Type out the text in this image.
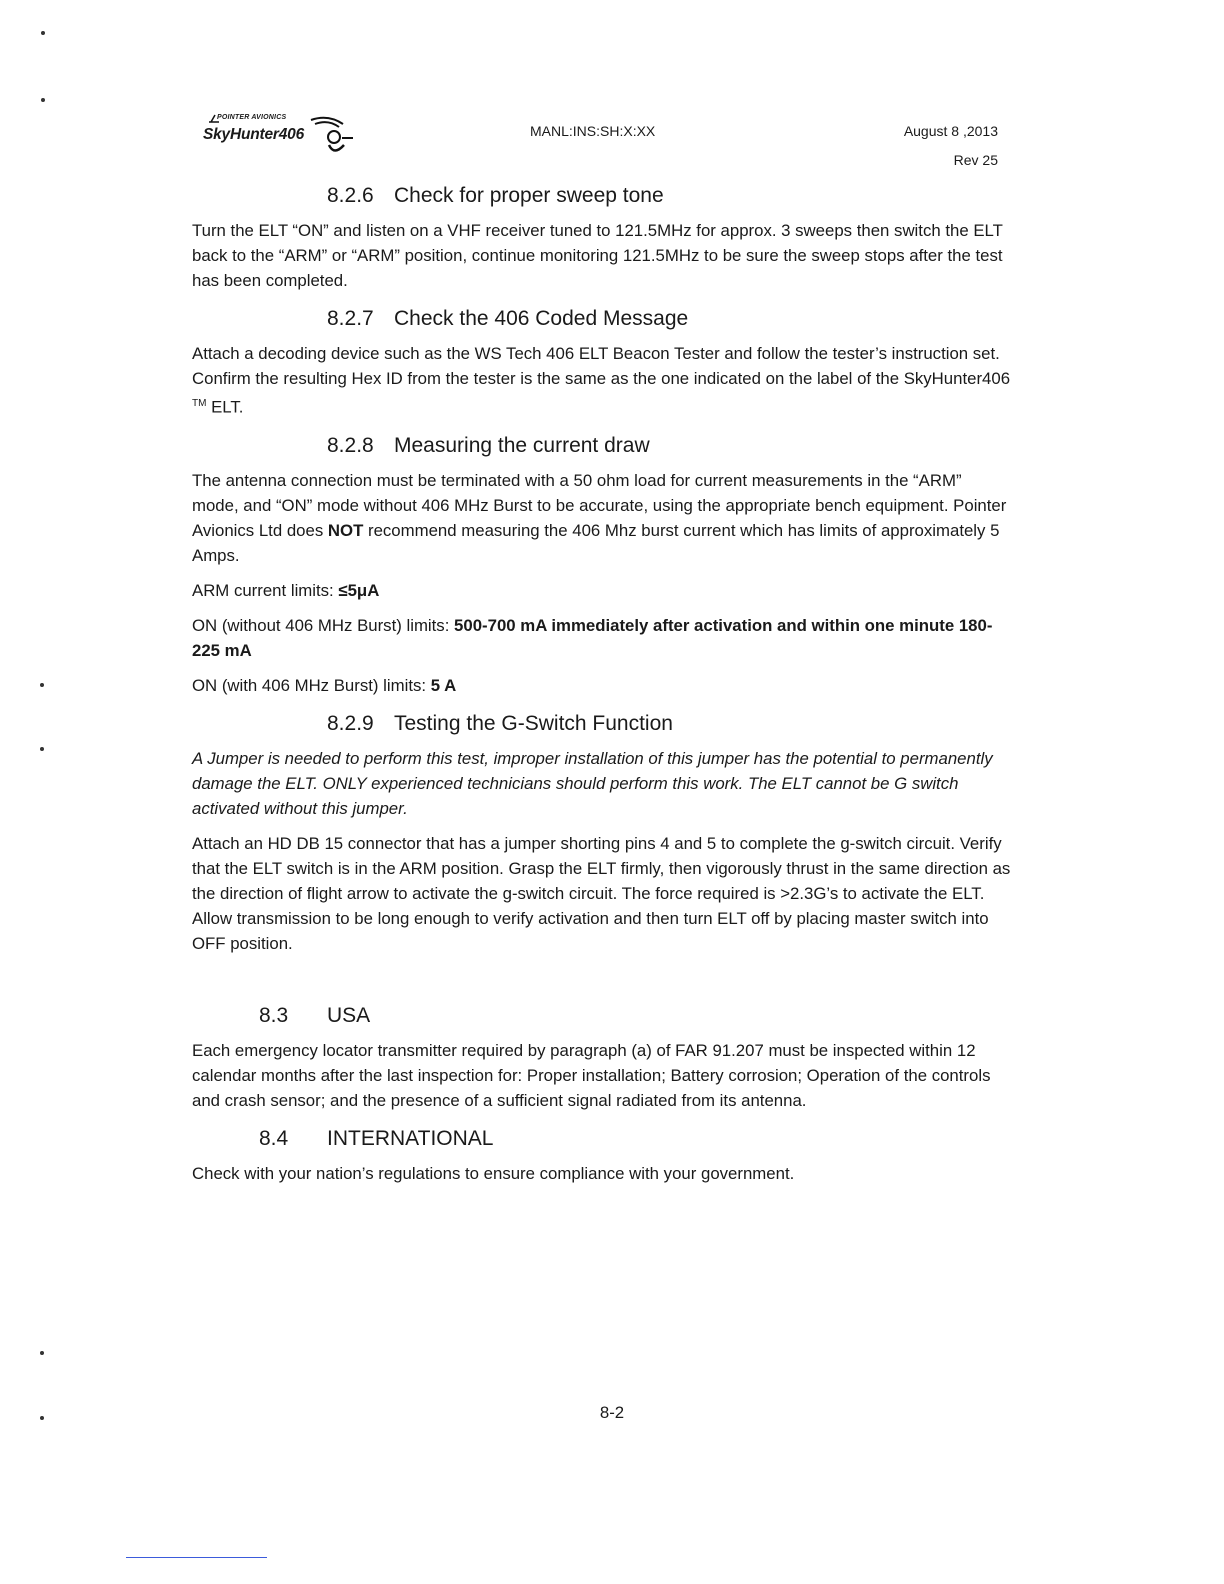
POINTER AVIONICS
SkyHunter406	MANL:INS:SH:X:XX	August 8 ,2013
Rev 25
8.2.6 Check for proper sweep tone

Turn the ELT “ON” and listen on a VHF receiver tuned to 121.5MHz for approx. 3 sweeps then switch the ELT back to the “ARM” or “ARM” position, continue monitoring 121.5MHz to be sure the sweep stops after the test has been completed.

8.2.7 Check the 406 Coded Message

Attach a decoding device such as the WS Tech 406 ELT Beacon Tester and follow the tester’s instruction set. Confirm the resulting Hex ID from the tester is the same as the one indicated on the label of the SkyHunter406 ™ ELT.

8.2.8 Measuring the current draw

The antenna connection must be terminated with a 50 ohm load for current measurements in the “ARM” mode, and “ON” mode without 406 MHz Burst to be accurate, using the appropriate bench equipment. Pointer Avionics Ltd does NOT recommend measuring the 406 Mhz burst current which has limits of approximately 5 Amps.

ARM current limits: ≤5μA

ON (without 406 MHz Burst) limits: 500-700 mA immediately after activation and within one minute 180-225 mA

ON (with 406 MHz Burst) limits: 5 A

8.2.9 Testing the G-Switch Function

A Jumper is needed to perform this test, improper installation of this jumper has the potential to permanently damage the ELT. ONLY experienced technicians should perform this work. The ELT cannot be G switch activated without this jumper.

Attach an HD DB 15 connector that has a jumper shorting pins 4 and 5 to complete the g-switch circuit. Verify that the ELT switch is in the ARM position. Grasp the ELT firmly, then vigorously thrust in the same direction as the direction of flight arrow to activate the g-switch circuit. The force required is >2.3G’s to activate the ELT. Allow transmission to be long enough to verify activation and then turn ELT off by placing master switch into OFF position.

8.3 USA

Each emergency locator transmitter required by paragraph (a) of FAR 91.207 must be inspected within 12 calendar months after the last inspection for: Proper installation; Battery corrosion; Operation of the controls and crash sensor; and the presence of a sufficient signal radiated from its antenna.

8.4 INTERNATIONAL

Check with your nation’s regulations to ensure compliance with your government.

8-2
